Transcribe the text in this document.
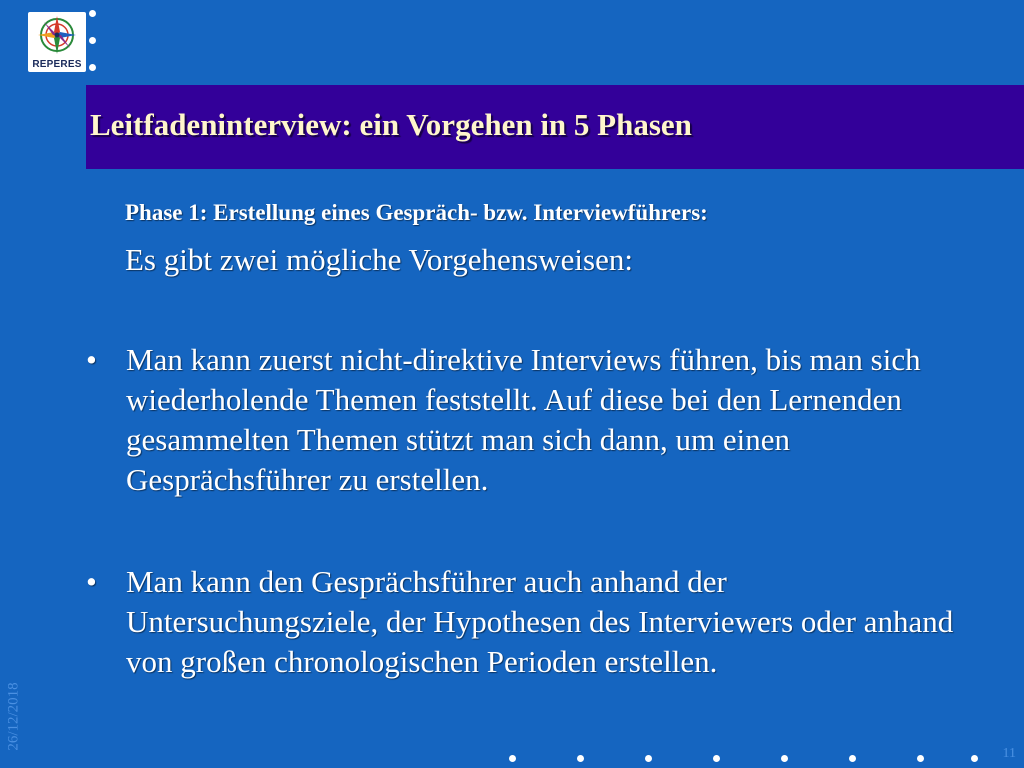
REPERES
Leitfadeninterview: ein Vorgehen in 5 Phasen
Phase 1: Erstellung eines Gespräch- bzw. Interviewführers:
Es gibt zwei mögliche Vorgehensweisen:
• Man kann zuerst nicht-direktive Interviews führen, bis man sich wiederholende Themen feststellt. Auf diese bei den Lernenden gesammelten Themen stützt man sich dann, um einen Gesprächsführer zu erstellen.
• Man kann den Gesprächsführer auch anhand der Untersuchungsziele, der Hypothesen des Interviewers oder anhand von großen chronologischen Perioden erstellen.
26/12/2018
11
